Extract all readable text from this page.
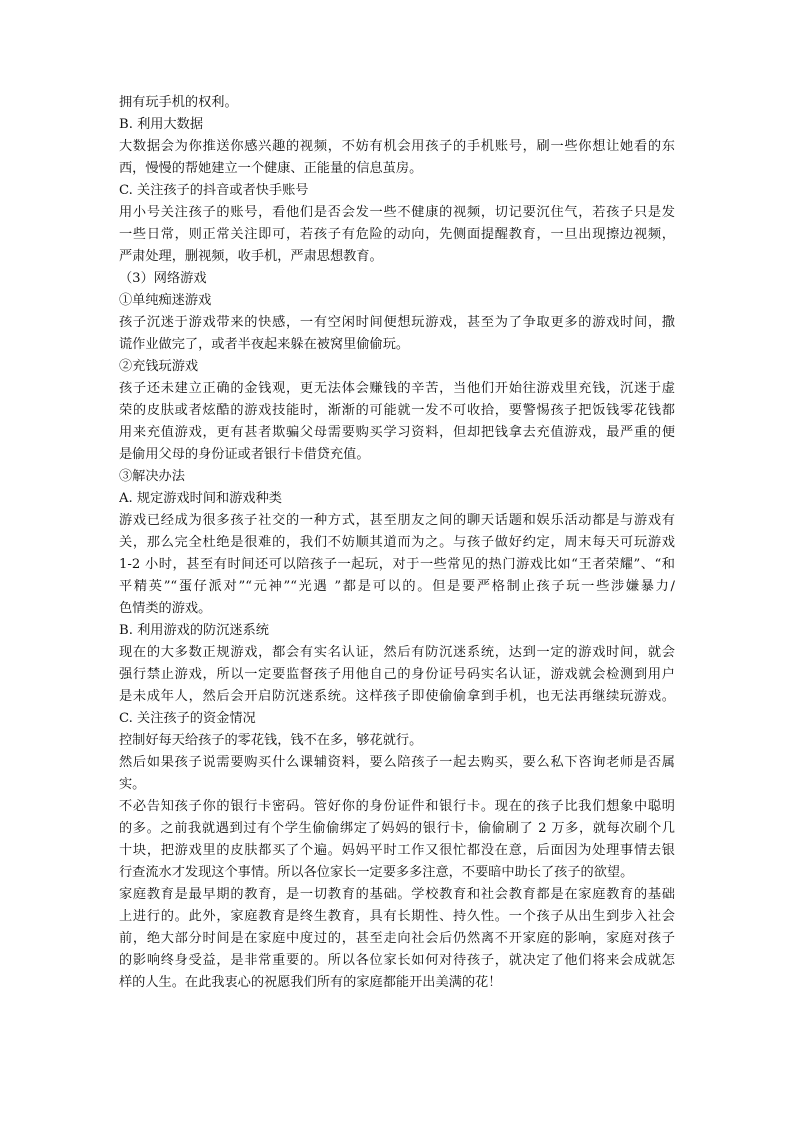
拥有玩手机的权利。

B. 利用大数据

大数据会为你推送你感兴趣的视频，不妨有机会用孩子的手机账号，刷一些你想让她看的东

西，慢慢的帮她建立一个健康、正能量的信息茧房。

C. 关注孩子的抖音或者快手账号

用小号关注孩子的账号，看他们是否会发一些不健康的视频，切记要沉住气，若孩子只是发

一些日常，则正常关注即可，若孩子有危险的动向，先侧面提醒教育，一旦出现擦边视频，

严肃处理，删视频，收手机，严肃思想教育。

（3）网络游戏

①单纯痴迷游戏

孩子沉迷于游戏带来的快感，一有空闲时间便想玩游戏，甚至为了争取更多的游戏时间，撒

谎作业做完了，或者半夜起来躲在被窝里偷偷玩。

②充钱玩游戏

孩子还未建立正确的金钱观，更无法体会赚钱的辛苦，当他们开始往游戏里充钱，沉迷于虚

荣的皮肤或者炫酷的游戏技能时，渐渐的可能就一发不可收拾，要警惕孩子把饭钱零花钱都

用来充值游戏，更有甚者欺骗父母需要购买学习资料，但却把钱拿去充值游戏，最严重的便

是偷用父母的身份证或者银行卡借贷充值。

③解决办法

A. 规定游戏时间和游戏种类

游戏已经成为很多孩子社交的一种方式，甚至朋友之间的聊天话题和娱乐活动都是与游戏有

关，那么完全杜绝是很难的，我们不妨顺其道而为之。与孩子做好约定，周末每天可玩游戏

1-2 小时，甚至有时间还可以陪孩子一起玩，对于一些常见的热门游戏比如“王者荣耀”、“和

平精英”“蛋仔派对”“元神”“光遇 ”都是可以的。但是要严格制止孩子玩一些涉嫌暴力/

色情类的游戏。

B. 利用游戏的防沉迷系统

现在的大多数正规游戏，都会有实名认证，然后有防沉迷系统，达到一定的游戏时间，就会

强行禁止游戏，所以一定要监督孩子用他自己的身份证号码实名认证，游戏就会检测到用户

是未成年人，然后会开启防沉迷系统。这样孩子即使偷偷拿到手机，也无法再继续玩游戏。

C. 关注孩子的资金情况

控制好每天给孩子的零花钱，钱不在多，够花就行。

然后如果孩子说需要购买什么课辅资料，要么陪孩子一起去购买，要么私下咨询老师是否属

实。

不必告知孩子你的银行卡密码。管好你的身份证件和银行卡。现在的孩子比我们想象中聪明

的多。之前我就遇到过有个学生偷偷绑定了妈妈的银行卡，偷偷刷了 2 万多，就每次刷个几

十块，把游戏里的皮肤都买了个遍。妈妈平时工作又很忙都没在意，后面因为处理事情去银

行查流水才发现这个事情。所以各位家长一定要多多注意，不要暗中助长了孩子的欲望。

家庭教育是最早期的教育，是一切教育的基础。学校教育和社会教育都是在家庭教育的基础

上进行的。此外，家庭教育是终生教育，具有长期性、持久性。一个孩子从出生到步入社会

前，绝大部分时间是在家庭中度过的，甚至走向社会后仍然离不开家庭的影响，家庭对孩子

的影响终身受益，是非常重要的。所以各位家长如何对待孩子，就决定了他们将来会成就怎

样的人生。在此我衷心的祝愿我们所有的家庭都能开出美满的花！
